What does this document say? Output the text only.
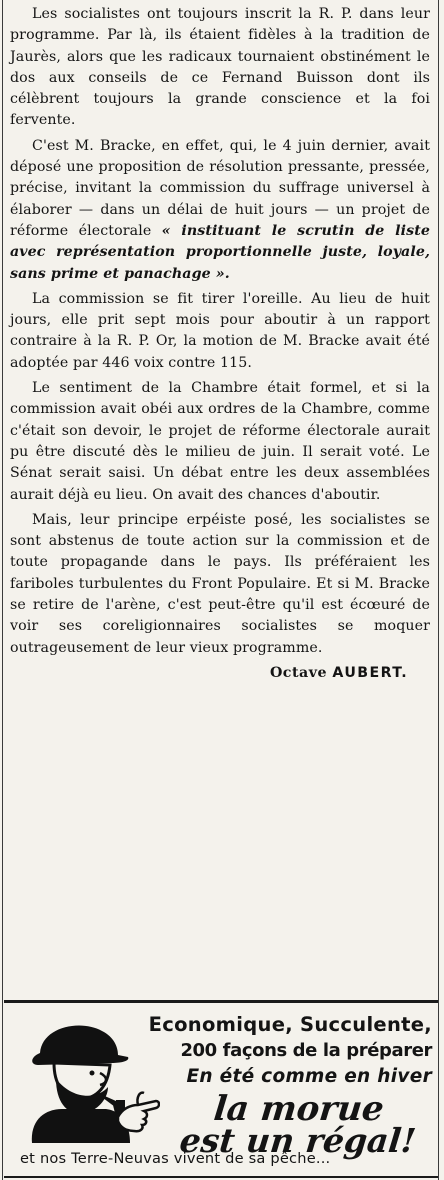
Les socialistes ont toujours inscrit la R. P. dans leur programme. Par là, ils étaient fidèles à la tradition de Jaurès, alors que les radicaux tournaient obstinément le dos aux conseils de ce Fernand Buisson dont ils célèbrent toujours la grande conscience et la foi fervente.

C'est M. Bracke, en effet, qui, le 4 juin dernier, avait déposé une proposition de résolution pressante, pressée, précise, invitant la commission du suffrage universel à élaborer — dans un délai de huit jours — un projet de réforme électorale « instituant le scrutin de liste avec représentation proportionnelle juste, loyale, sans prime et panachage ».

La commission se fit tirer l'oreille. Au lieu de huit jours, elle prit sept mois pour aboutir à un rapport contraire à la R. P. Or, la motion de M. Bracke avait été adoptée par 446 voix contre 115.

Le sentiment de la Chambre était formel, et si la commission avait obéi aux ordres de la Chambre, comme c'était son devoir, le projet de réforme électorale aurait pu être discuté dès le milieu de juin. Il serait voté. Le Sénat serait saisi. Un débat entre les deux assemblées aurait déjà eu lieu. On avait des chances d'aboutir.

Mais, leur principe erpéiste posé, les socialistes se sont abstenus de toute action sur la commission et de toute propagande dans le pays. Ils préféraient les fariboles turbulentes du Front Populaire. Et si M. Bracke se retire de l'arène, c'est peut-être qu'il est écœuré de voir ses coreligionnaires socialistes se moquer outrageusement de leur vieux programme.

Octave AUBERT.
Economique, Succulente,
200 façons de la préparer
En été comme en hiver
la morue
est un régal!
et nos Terre-Neuvas vivent de sa pêche...
